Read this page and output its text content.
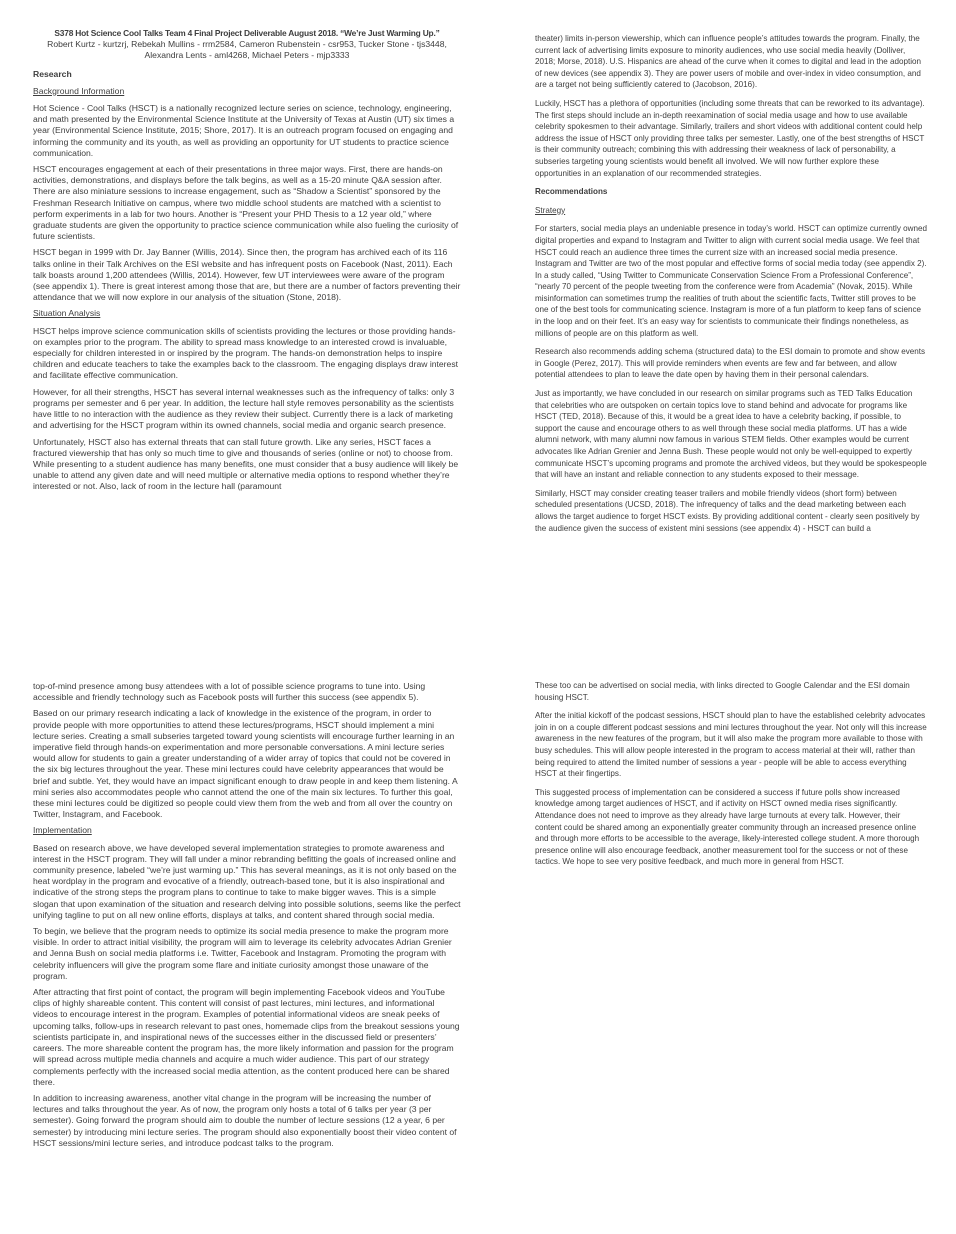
S378 Hot Science Cool Talks Team 4 Final Project Deliverable August 2018. “We’re Just Warming Up.”
Robert Kurtz - kurtzrj, Rebekah Mullins - rrm2584, Cameron Rubenstein - csr953, Tucker Stone - tjs3448,
Alexandra Lents - aml4268, Michael Peters - mjp3333
Research
Background Information
Hot Science - Cool Talks (HSCT) is a nationally recognized lecture series on science, technology, engineering, and math presented by the Environmental Science Institute at the University of Texas at Austin (UT) six times a year (Environmental Science Institute, 2015; Shore, 2017). It is an outreach program focused on engaging and informing the community and its youth, as well as providing an opportunity for UT students to practice science communication.
HSCT encourages engagement at each of their presentations in three major ways. First, there are hands-on activities, demonstrations, and displays before the talk begins, as well as a 15-20 minute Q&A session after. There are also miniature sessions to increase engagement, such as “Shadow a Scientist” sponsored by the Freshman Research Initiative on campus, where two middle school students are matched with a scientist to perform experiments in a lab for two hours. Another is “Present your PHD Thesis to a 12 year old,” where graduate students are given the opportunity to practice science communication while also fueling the curiosity of future scientists.
HSCT began in 1999 with Dr. Jay Banner (Willis, 2014). Since then, the program has archived each of its 116 talks online in their Talk Archives on the ESI website and has infrequent posts on Facebook (Nast, 2011). Each talk boasts around 1,200 attendees (Willis, 2014). However, few UT interviewees were aware of the program (see appendix 1). There is great interest among those that are, but there are a number of factors preventing their attendance that we will now explore in our analysis of the situation (Stone, 2018).
Situation Analysis
HSCT helps improve science communication skills of scientists providing the lectures or those providing hands-on examples prior to the program. The ability to spread mass knowledge to an interested crowd is invaluable, especially for children interested in or inspired by the program. The hands-on demonstration helps to inspire children and educate teachers to take the examples back to the classroom. The engaging displays draw interest and facilitate effective communication.
However, for all their strengths, HSCT has several internal weaknesses such as the infrequency of talks: only 3 programs per semester and 6 per year. In addition, the lecture hall style removes personability as the scientists have little to no interaction with the audience as they review their subject. Currently there is a lack of marketing and advertising for the HSCT program within its owned channels, social media and organic search presence.
Unfortunately, HSCT also has external threats that can stall future growth. Like any series, HSCT faces a fractured viewership that has only so much time to give and thousands of series (online or not) to choose from. While presenting to a student audience has many benefits, one must consider that a busy audience will likely be unable to attend any given date and will need multiple or alternative media options to respond whether they’re interested or not. Also, lack of room in the lecture hall (paramount
theater) limits in-person viewership, which can influence people’s attitudes towards the program. Finally, the current lack of advertising limits exposure to minority audiences, who use social media heavily (Dolliver, 2018; Morse, 2018). U.S. Hispanics are ahead of the curve when it comes to digital and lead in the adoption of new devices (see appendix 3). They are power users of mobile and over-index in video consumption, and are a target not being sufficiently catered to (Jacobson, 2016).
Luckily, HSCT has a plethora of opportunities (including some threats that can be reworked to its advantage). The first steps should include an in-depth reexamination of social media usage and how to use available celebrity spokesmen to their advantage. Similarly, trailers and short videos with additional content could help address the issue of HSCT only providing three talks per semester. Lastly, one of the best strengths of HSCT is their community outreach; combining this with addressing their weakness of lack of personability, a subseries targeting young scientists would benefit all involved. We will now further explore these opportunities in an explanation of our recommended strategies.
Recommendations
Strategy
For starters, social media plays an undeniable presence in today’s world. HSCT can optimize currently owned digital properties and expand to Instagram and Twitter to align with current social media usage. We feel that HSCT could reach an audience three times the current size with an increased social media presence. Instagram and Twitter are two of the most popular and effective forms of social media today (see appendix 2). In a study called, “Using Twitter to Communicate Conservation Science From a Professional Conference”, “nearly 70 percent of the people tweeting from the conference were from Academia” (Novak, 2015). While misinformation can sometimes trump the realities of truth about the scientific facts, Twitter still proves to be one of the best tools for communicating science. Instagram is more of a fun platform to keep fans of science in the loop and on their feet. It’s an easy way for scientists to communicate their findings nonetheless, as millions of people are on this platform as well.
Research also recommends adding schema (structured data) to the ESI domain to promote and show events in Google (Perez, 2017). This will provide reminders when events are few and far between, and allow potential attendees to plan to leave the date open by having them in their personal calendars.
Just as importantly, we have concluded in our research on similar programs such as TED Talks Education that celebrities who are outspoken on certain topics love to stand behind and advocate for programs like HSCT (TED, 2018). Because of this, it would be a great idea to have a celebrity backing, if possible, to support the cause and encourage others to as well through these social media platforms. UT has a wide alumni network, with many alumni now famous in various STEM fields. Other examples would be current advocates like Adrian Grenier and Jenna Bush. These people would not only be well-equipped to expertly communicate HSCT’s upcoming programs and promote the archived videos, but they would be spokespeople that will have an instant and reliable connection to any students exposed to their message.
Similarly, HSCT may consider creating teaser trailers and mobile friendly videos (short form) between scheduled presentations (UCSD, 2018). The infrequency of talks and the dead marketing between each allows the target audience to forget HSCT exists. By providing additional content - clearly seen positively by the audience given the success of existent mini sessions (see appendix 4) - HSCT can build a
top-of-mind presence among busy attendees with a lot of possible science programs to tune into. Using accessible and friendly technology such as Facebook posts will further this success (see appendix 5).
Based on our primary research indicating a lack of knowledge in the existence of the program, in order to provide people with more opportunities to attend these lectures/programs, HSCT should implement a mini lecture series. Creating a small subseries targeted toward young scientists will encourage further learning in an imperative field through hands-on experimentation and more personable conversations. A mini lecture series would allow for students to gain a greater understanding of a wider array of topics that could not be covered in the six big lectures throughout the year. These mini lectures could have celebrity appearances that would be brief and subtle. Yet, they would have an impact significant enough to draw people in and keep them listening. A mini series also accommodates people who cannot attend the one of the main six lectures. To further this goal, these mini lectures could be digitized so people could view them from the web and from all over the country on Twitter, Instagram, and Facebook.
Implementation
Based on research above, we have developed several implementation strategies to promote awareness and interest in the HSCT program. They will fall under a minor rebranding befitting the goals of increased online and community presence, labeled “we’re just warming up.” This has several meanings, as it is not only based on the heat wordplay in the program and evocative of a friendly, outreach-based tone, but it is also inspirational and indicative of the strong steps the program plans to continue to take to make bigger waves. This is a simple slogan that upon examination of the situation and research delving into possible solutions, seems like the perfect unifying tagline to put on all new online efforts, displays at talks, and content shared through social media.
To begin, we believe that the program needs to optimize its social media presence to make the program more visible. In order to attract initial visibility, the program will aim to leverage its celebrity advocates Adrian Grenier and Jenna Bush on social media platforms i.e. Twitter, Facebook and Instagram. Promoting the program with celebrity influencers will give the program some flare and initiate curiosity amongst those unaware of the program.
After attracting that first point of contact, the program will begin implementing Facebook videos and YouTube clips of highly shareable content. This content will consist of past lectures, mini lectures, and informational videos to encourage interest in the program. Examples of potential informational videos are sneak peeks of upcoming talks, follow-ups in research relevant to past ones, homemade clips from the breakout sessions young scientists participate in, and inspirational news of the successes either in the discussed field or presenters’ careers. The more shareable content the program has, the more likely information and passion for the program will spread across multiple media channels and acquire a much wider audience. This part of our strategy complements perfectly with the increased social media attention, as the content produced here can be shared there.
In addition to increasing awareness, another vital change in the program will be increasing the number of lectures and talks throughout the year. As of now, the program only hosts a total of 6 talks per year (3 per semester). Going forward the program should aim to double the number of lecture sessions (12 a year, 6 per semester) by introducing mini lecture series. The program should also exponentially boost their video content of HSCT sessions/mini lecture series, and introduce podcast talks to the program.
These too can be advertised on social media, with links directed to Google Calendar and the ESI domain housing HSCT.
After the initial kickoff of the podcast sessions, HSCT should plan to have the established celebrity advocates join in on a couple different podcast sessions and mini lectures throughout the year. Not only will this increase awareness in the new features of the program, but it will also make the program more available to those with busy schedules. This will allow people interested in the program to access material at their will, rather than being required to attend the limited number of sessions a year - people will be able to access everything HSCT at their fingertips.
This suggested process of implementation can be considered a success if future polls show increased knowledge among target audiences of HSCT, and if activity on HSCT owned media rises significantly. Attendance does not need to improve as they already have large turnouts at every talk. However, their content could be shared among an exponentially greater community through an increased presence online and through more efforts to be accessible to the average, likely-interested college student. A more thorough presence online will also encourage feedback, another measurement tool for the success or not of these tactics. We hope to see very positive feedback, and much more in general from HSCT.
